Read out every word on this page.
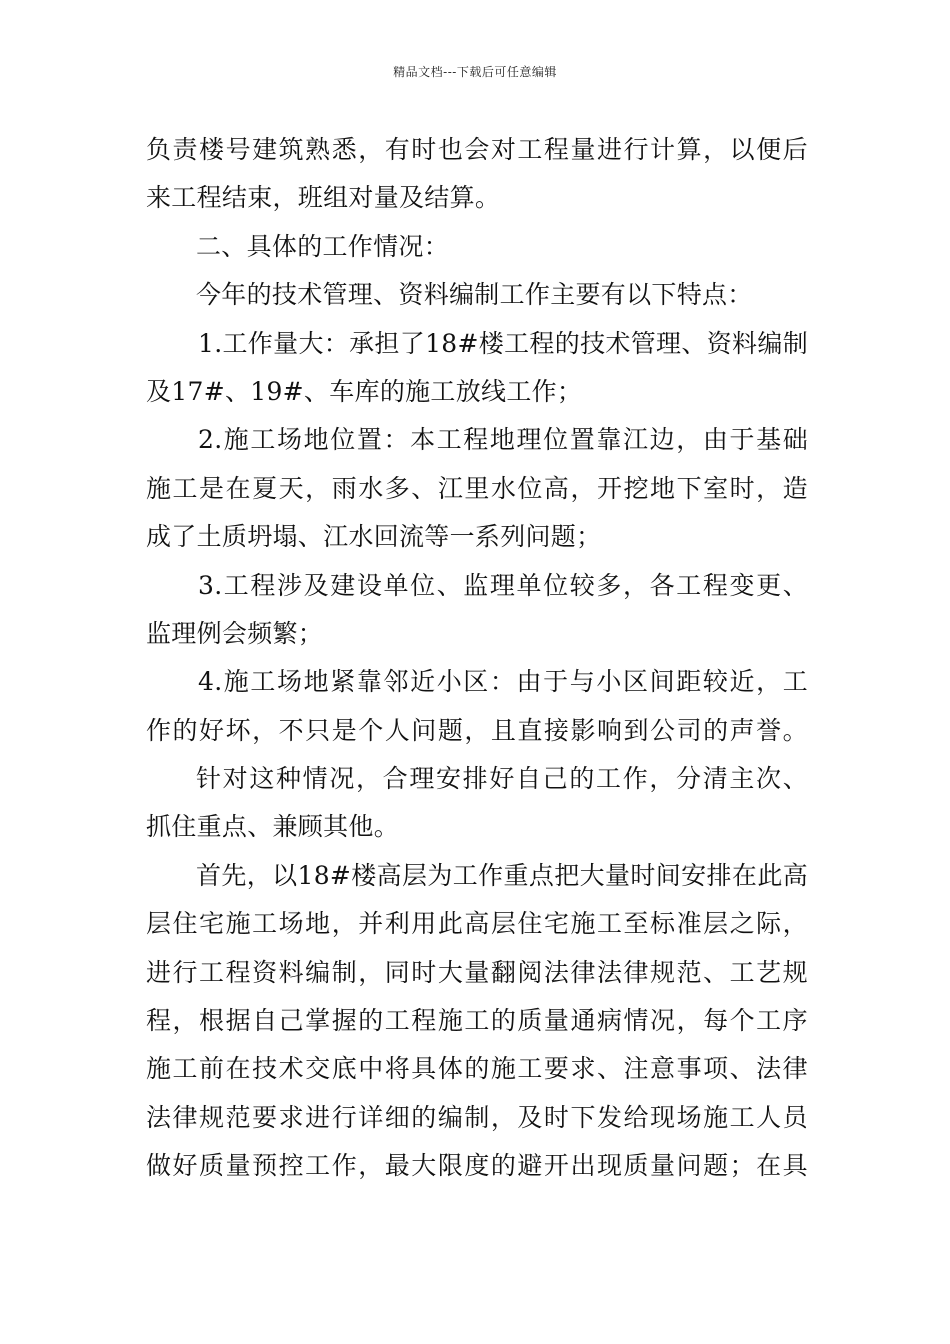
精品文档---下载后可任意编辑
负责楼号建筑熟悉，有时也会对工程量进行计算，以便后
来工程结束，班组对量及结算。
二、具体的工作情况：
今年的技术管理、资料编制工作主要有以下特点：
1.工作量大：承担了18#楼工程的技术管理、资料编制
及17#、19#、车库的施工放线工作；
2.施工场地位置：本工程地理位置靠江边，由于基础
施工是在夏天，雨水多、江里水位高，开挖地下室时，造
成了土质坍塌、江水回流等一系列问题；
3.工程涉及建设单位、监理单位较多，各工程变更、
监理例会频繁；
4.施工场地紧靠邻近小区：由于与小区间距较近，工
作的好坏，不只是个人问题，且直接影响到公司的声誉。
针对这种情况，合理安排好自己的工作，分清主次、
抓住重点、兼顾其他。
首先，以18#楼高层为工作重点把大量时间安排在此高
层住宅施工场地，并利用此高层住宅施工至标准层之际，
进行工程资料编制，同时大量翻阅法律法律规范、工艺规
程，根据自己掌握的工程施工的质量通病情况，每个工序
施工前在技术交底中将具体的施工要求、注意事项、法律
法律规范要求进行详细的编制，及时下发给现场施工人员
做好质量预控工作，最大限度的避开出现质量问题；在具
